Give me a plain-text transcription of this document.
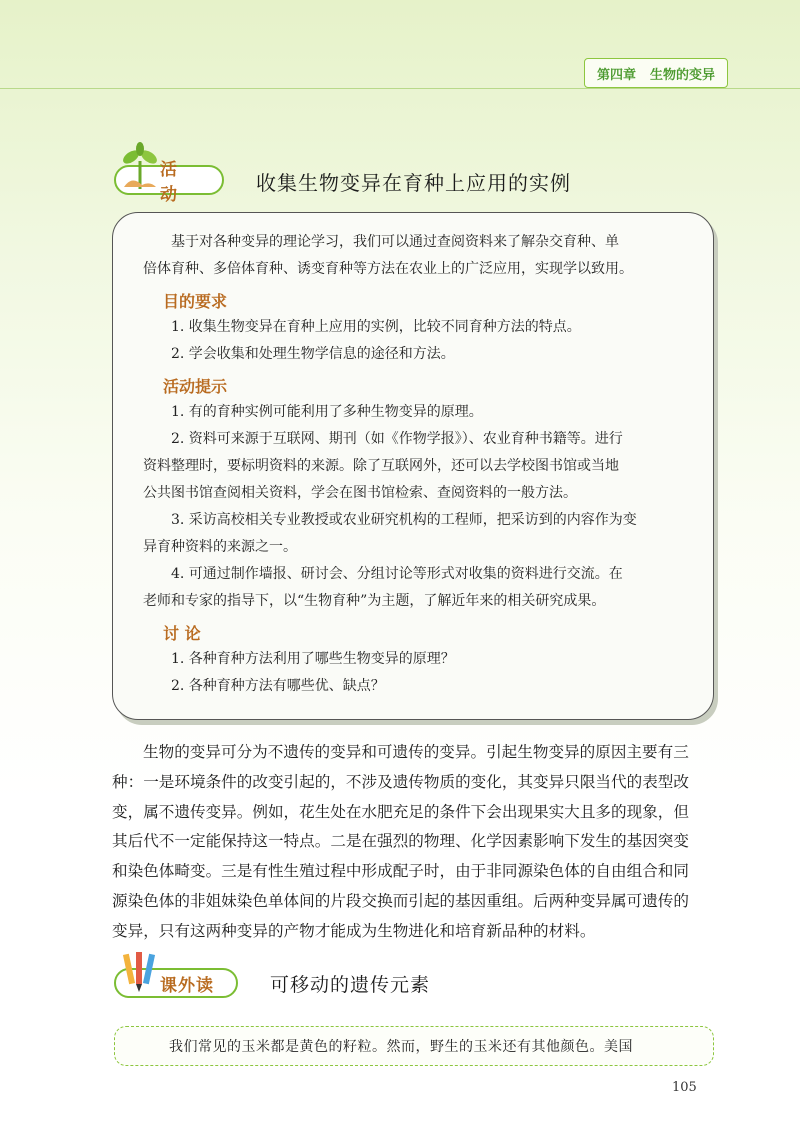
第四章 生物的变异
活 动	收集生物变异在育种上应用的实例

基于对各种变异的理论学习，我们可以通过查阅资料来了解杂交育种、单

倍体育种、多倍体育种、诱变育种等方法在农业上的广泛应用，实现学以致用。

目的要求

1. 收集生物变异在育种上应用的实例，比较不同育种方法的特点。

2. 学会收集和处理生物学信息的途径和方法。

活动提示

1. 有的育种实例可能利用了多种生物变异的原理。

2. 资料可来源于互联网、期刊（如《作物学报》）、农业育种书籍等。进行

资料整理时，要标明资料的来源。除了互联网外，还可以去学校图书馆或当地

公共图书馆查阅相关资料，学会在图书馆检索、查阅资料的一般方法。

3. 采访高校相关专业教授或农业研究机构的工程师，把采访到的内容作为变

异育种资料的来源之一。

4. 可通过制作墙报、研讨会、分组讨论等形式对收集的资料进行交流。在

老师和专家的指导下，以“生物育种”为主题，了解近年来的相关研究成果。

讨 论

1. 各种育种方法利用了哪些生物变异的原理？

2. 各种育种方法有哪些优、缺点？

生物的变异可分为不遗传的变异和可遗传的变异。引起生物变异的原因主要有三

种：一是环境条件的改变引起的，不涉及遗传物质的变化，其变异只限当代的表型改
变，属不遗传变异。例如，花生处在水肥充足的条件下会出现果实大且多的现象，但
其后代不一定能保持这一特点。二是在强烈的物理、化学因素影响下发生的基因突变
和染色体畸变。三是有性生殖过程中形成配子时，由于非同源染色体的自由组合和同
源染色体的非姐妹染色单体间的片段交换而引起的基因重组。后两种变异属可遗传的
变异，只有这两种变异的产物才能成为生物进化和培育新品种的材料。
课外读	可移动的遗传元素
我们常见的玉米都是黄色的籽粒。然而，野生的玉米还有其他颜色。美国
105
